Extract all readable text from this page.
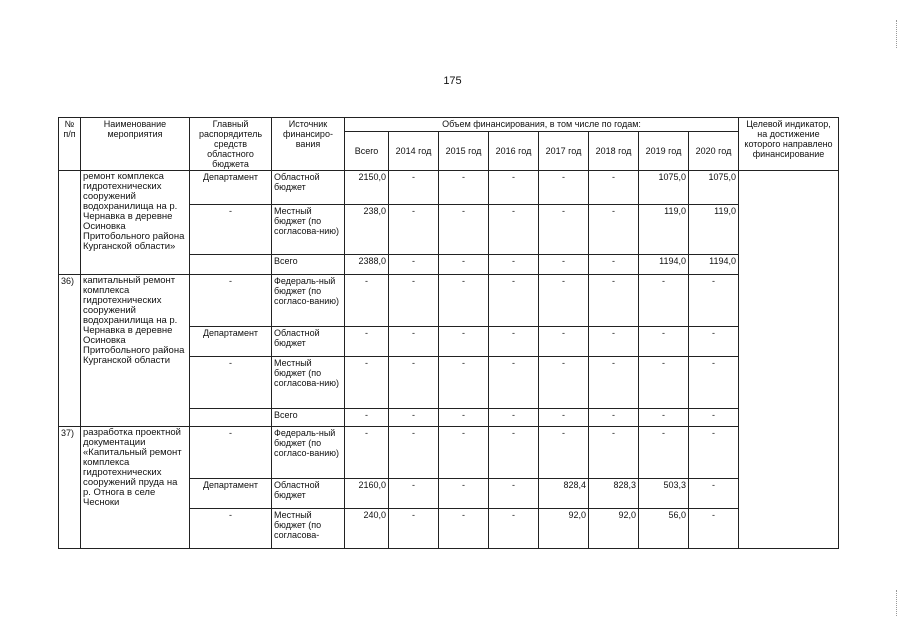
175
№ п/п	Наименование мероприятия	Главный распорядитель средств областного бюджета	Источник финансиро-вания	Объем финансирования, в том числе по годам:								Целевой индикатор, на достижение которого направлено финансирование
				Всего	2014 год	2015 год	2016 год	2017 год	2018 год	2019 год	2020 год	
	ремонт комплекса гидротехнических сооружений водохранилища на р. Чернавка в деревне Осиновка Притобольного района Курганской области»	Департамент	Областной бюджет	2150,0	-	-	-	-	-	1075,0	1075,0	
		-	Местный бюджет (по согласова-нию)	238,0	-	-	-	-	-	119,0	119,0	
			Всего	2388,0	-	-	-	-	-	1194,0	1194,0	
36)	капитальный ремонт комплекса гидротехнических сооружений водохранилища на р. Чернавка в деревне Осиновка Притобольного района Курганской области	-	Федераль-ный бюджет (по согласо-ванию)	-	-	-	-	-	-	-	-	
		Департамент	Областной бюджет	-	-	-	-	-	-	-	-	
		-	Местный бюджет (по согласова-нию)	-	-	-	-	-	-	-	-	
			Всего	-	-	-	-	-	-	-	-	
37)	разработка проектной документации «Капитальный ремонт комплекса гидротехнических сооружений пруда на р. Отнога в селе Чесноки	-	Федераль-ный бюджет (по согласо-ванию)	-	-	-	-	-	-	-	-	
		Департамент	Областной бюджет	2160,0	-	-	-	828,4	828,3	503,3	-	
		-	Местный бюджет (по согласова-	240,0	-	-	-	92,0	92,0	56,0	-	
